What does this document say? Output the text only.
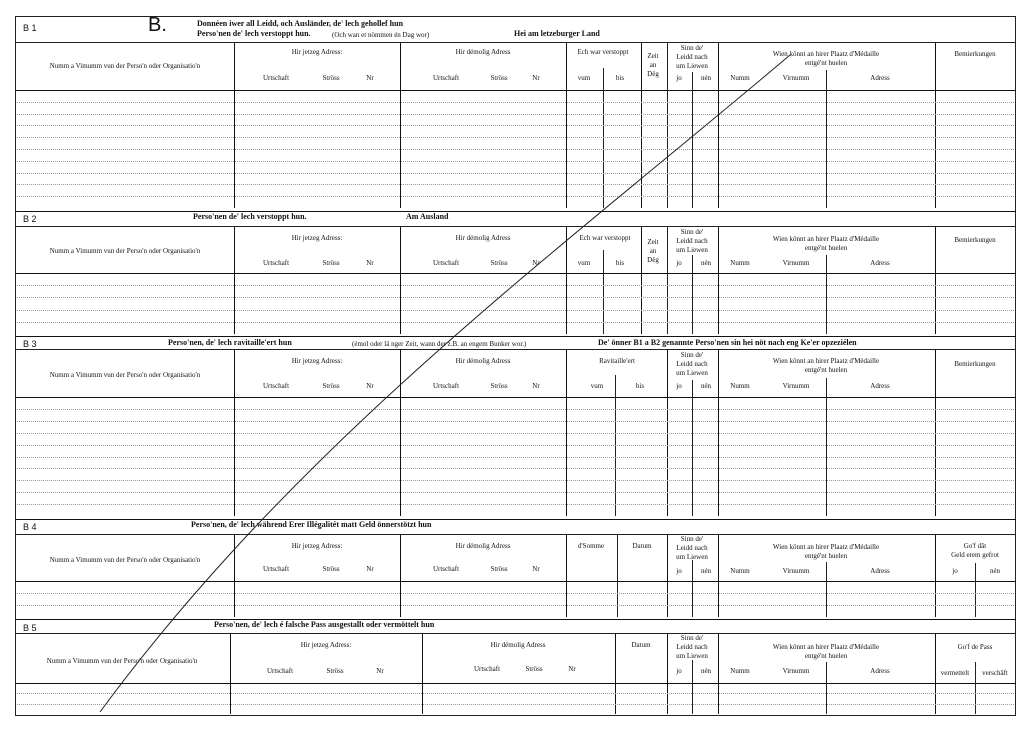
B 1	B.	Donnéen iwer all Leidd, och Ausländer, de' lech gehollef hun
Perso'nen de' lech verstoppt hun.	(Och wan et nömmen én Dag wor)	Hei am letzeburger Land
B 2	Perso'nen de' lech verstoppt hun.	Am Ausland
B 3	Perso'nen, de' lech ravitaille'ert hun	(émol oder lä nger Zeit, wann der z.B. an engem Bunker wor.)	De' önner B1 a B2 genannte Perso'nen sin hei nöt nach eng Ke'er opzeziélen
B 4	Perso'nen, de' lech während Erer Illégalitét matt Geld önnerstötzt hun
B 5	Perso'nen, de' lech é falsche Pass ausgestallt oder vermöttelt hun
Numm a Vimumm vun der Perso'n oder Organisatio'n
Hir jetzeg Adress:
Urtschaft	Ströss	Nr
Hir démolig Adress
Urtschaft	Ströss	Nr
Ech war verstoppt
vum	bis
Zeit
an
Dëg
Sinn de'
Leidd nach
um Liewen
jo	nén
Wien könnt an hirer Plaatz d'Médaille
entgé'nt huelen
Numm	Virnumm	Adress
Bemierkungen
Numm a Vimumm vun der Perso'n oder Organisatio'n
Hir jetzeg Adress:
Urtschaft	Ströss	Nr
Hir démolig Adress
Urtschaft	Ströss	Nr
Ech war verstoppt
vum	bis
Zeit
an
Dëg
Sinn de'
Leidd nach
um Liewen
jo	nén
Wien könnt an hirer Plaatz d'Médaille
entgé'nt huelen
Numm	Virnumm	Adress
Bemierkungen
Numm a Vimumm vun der Perso'n oder Organisatio'n
Hir jetzeg Adress:
Urtschaft	Ströss	Nr
Hir démolig Adress
Urtschaft	Ströss	Nr
Ravitaille'ert
vum	bis
Sinn de'
Leidd nach
um Liewen
jo	nén
Wien könnt an hirer Plaatz d'Médaille
entgé'nt huelen
Numm	Virnumm	Adress
Bemierkungen
Numm a Vimumm vun der Perso'n oder Organisatio'n
Hir jetzeg Adress:
Urtschaft	Ströss	Nr
Hir démolig Adress
Urtschaft	Ströss	Nr
d'Somme	Datum
Sinn de'
Leidd nach
um Liewen
jo	nén
Wien könnt an hirer Plaatz d'Médaille
entgé'nt huelen
Numm	Virnumm	Adress
Go'f dât
Geld erem gefrot
jo	nén
Numm a Vimumm vun der Perso'n oder Organisatio'n
Hir jetzeg Adress:
Urtschaft	Ströss	Nr
Hir démolig Adress
Urtschaft	Ströss	Nr
Datum
Sinn de'
Leidd nach
um Liewen
jo	nén
Wien könnt an hirer Plaatz d'Médaille
entgé'nt huelen
Numm	Virnumm	Adress
Go'f de Pass
vermettelt verschâft
